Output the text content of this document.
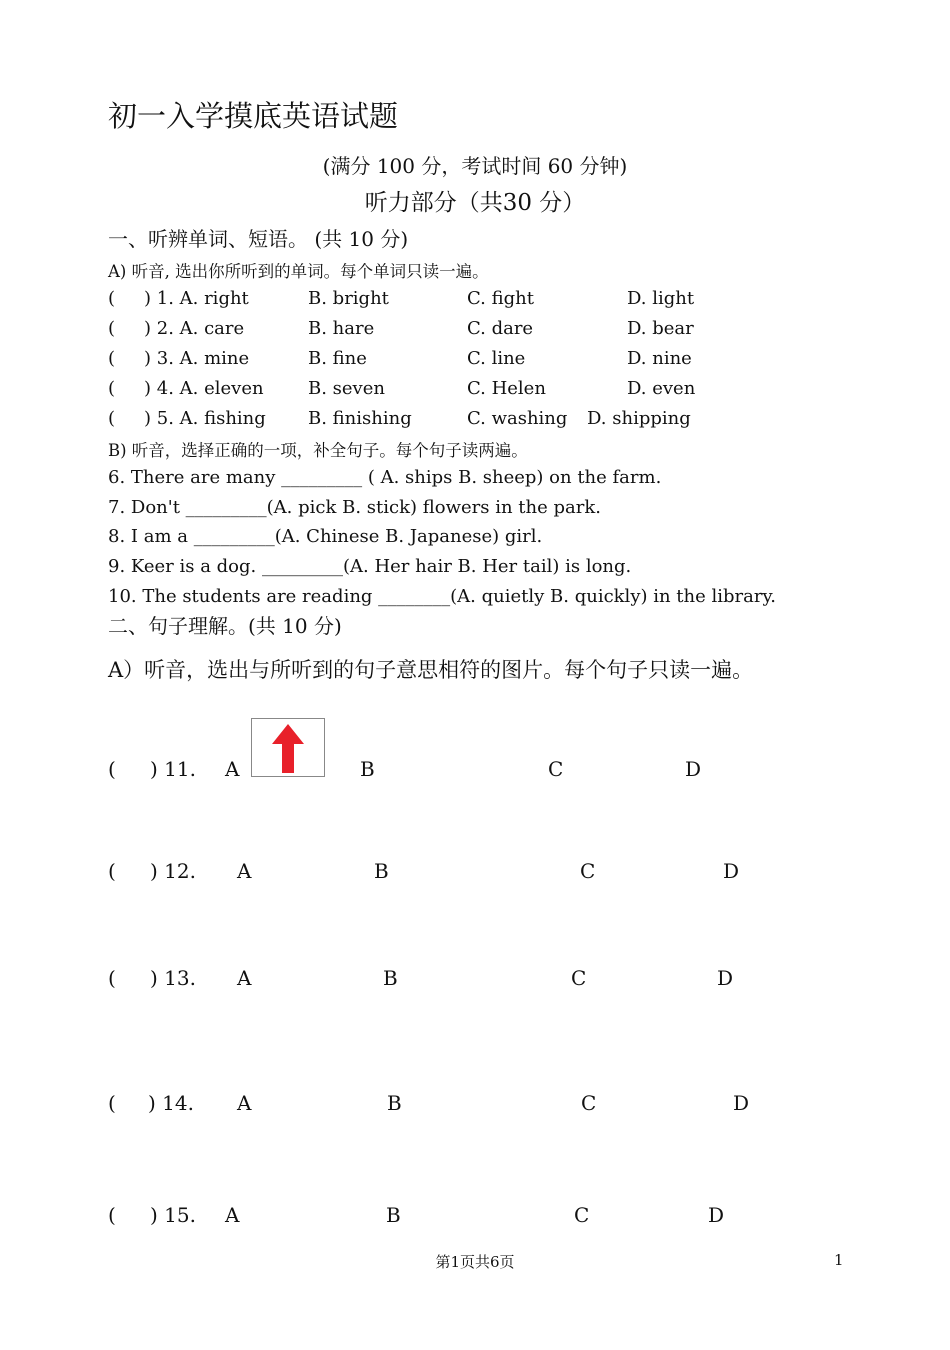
初一入学摸底英语试题
(满分 100 分，考试时间 60 分钟)
听力部分（共30 分）
一、听辨单词、短语。 (共 10 分)
A) 听音, 选出你所听到的单词。每个单词只读一遍。
( ) 1. A. right	B. bright	C. fight	D. light
( ) 2. A. care	B. hare	C. dare	D. bear
( ) 3. A. mine	B. fine	C. line	D. nine
( ) 4. A. eleven B. seven	C. Helen	D. even
( ) 5. A. fishing B. finishing	C. washing D. shipping
B) 听音，选择正确的一项，补全句子。每个句子读两遍。
6. There are many _________ ( A. ships B. sheep) on the farm.
7. Don't _________(A. pick B. stick) flowers in the park.
8. I am a _________(A. Chinese B. Japanese) girl.
9. Keer is a dog. _________(A. Her hair B. Her tail) is long.
10. The students are reading ________(A. quietly B. quickly) in the library.
二、句子理解。(共 10 分)
A）听音，选出与所听到的句子意思相符的图片。每个句子只读一遍。
( ) 11. A	B	C	D
( ) 12. A	B	C	D
( ) 13. A	B	C	D
( ) 14. A	B	C	D
( ) 15. A	B	C	D
第1页共6页	1
